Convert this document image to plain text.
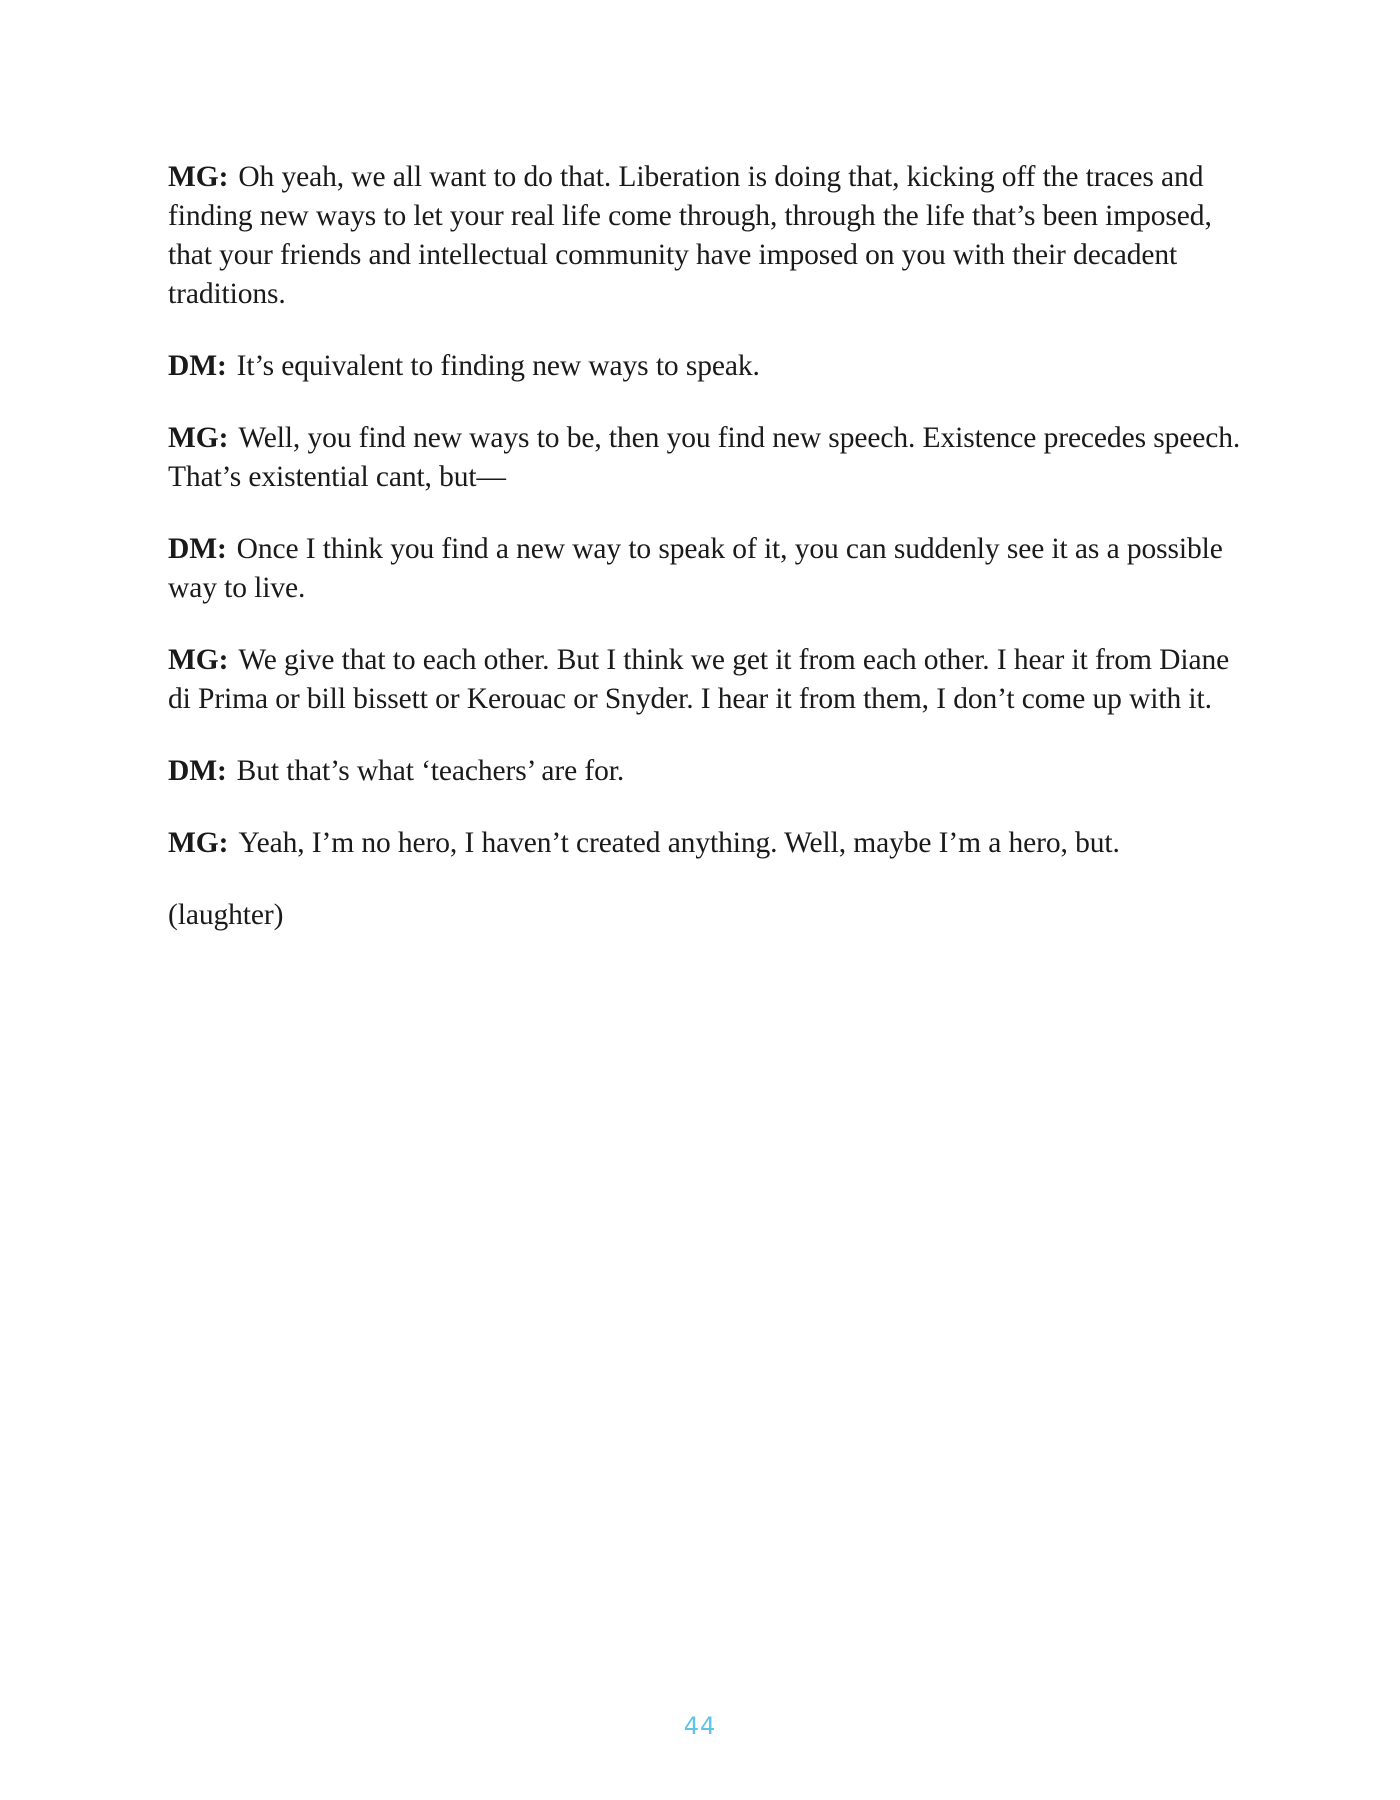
MG: Oh yeah, we all want to do that. Liberation is doing that, kicking off the traces and finding new ways to let your real life come through, through the life that’s been imposed, that your friends and intellectual community have imposed on you with their decadent traditions.

DM: It’s equivalent to finding new ways to speak.

MG: Well, you find new ways to be, then you find new speech. Existence precedes speech. That’s existential cant, but—

DM: Once I think you find a new way to speak of it, you can suddenly see it as a possible way to live.

MG: We give that to each other. But I think we get it from each other. I hear it from Diane di Prima or bill bissett or Kerouac or Snyder. I hear it from them, I don’t come up with it.

DM: But that’s what ‘teachers’ are for.

MG: Yeah, I’m no hero, I haven’t created anything. Well, maybe I’m a hero, but.

(laughter)

44
